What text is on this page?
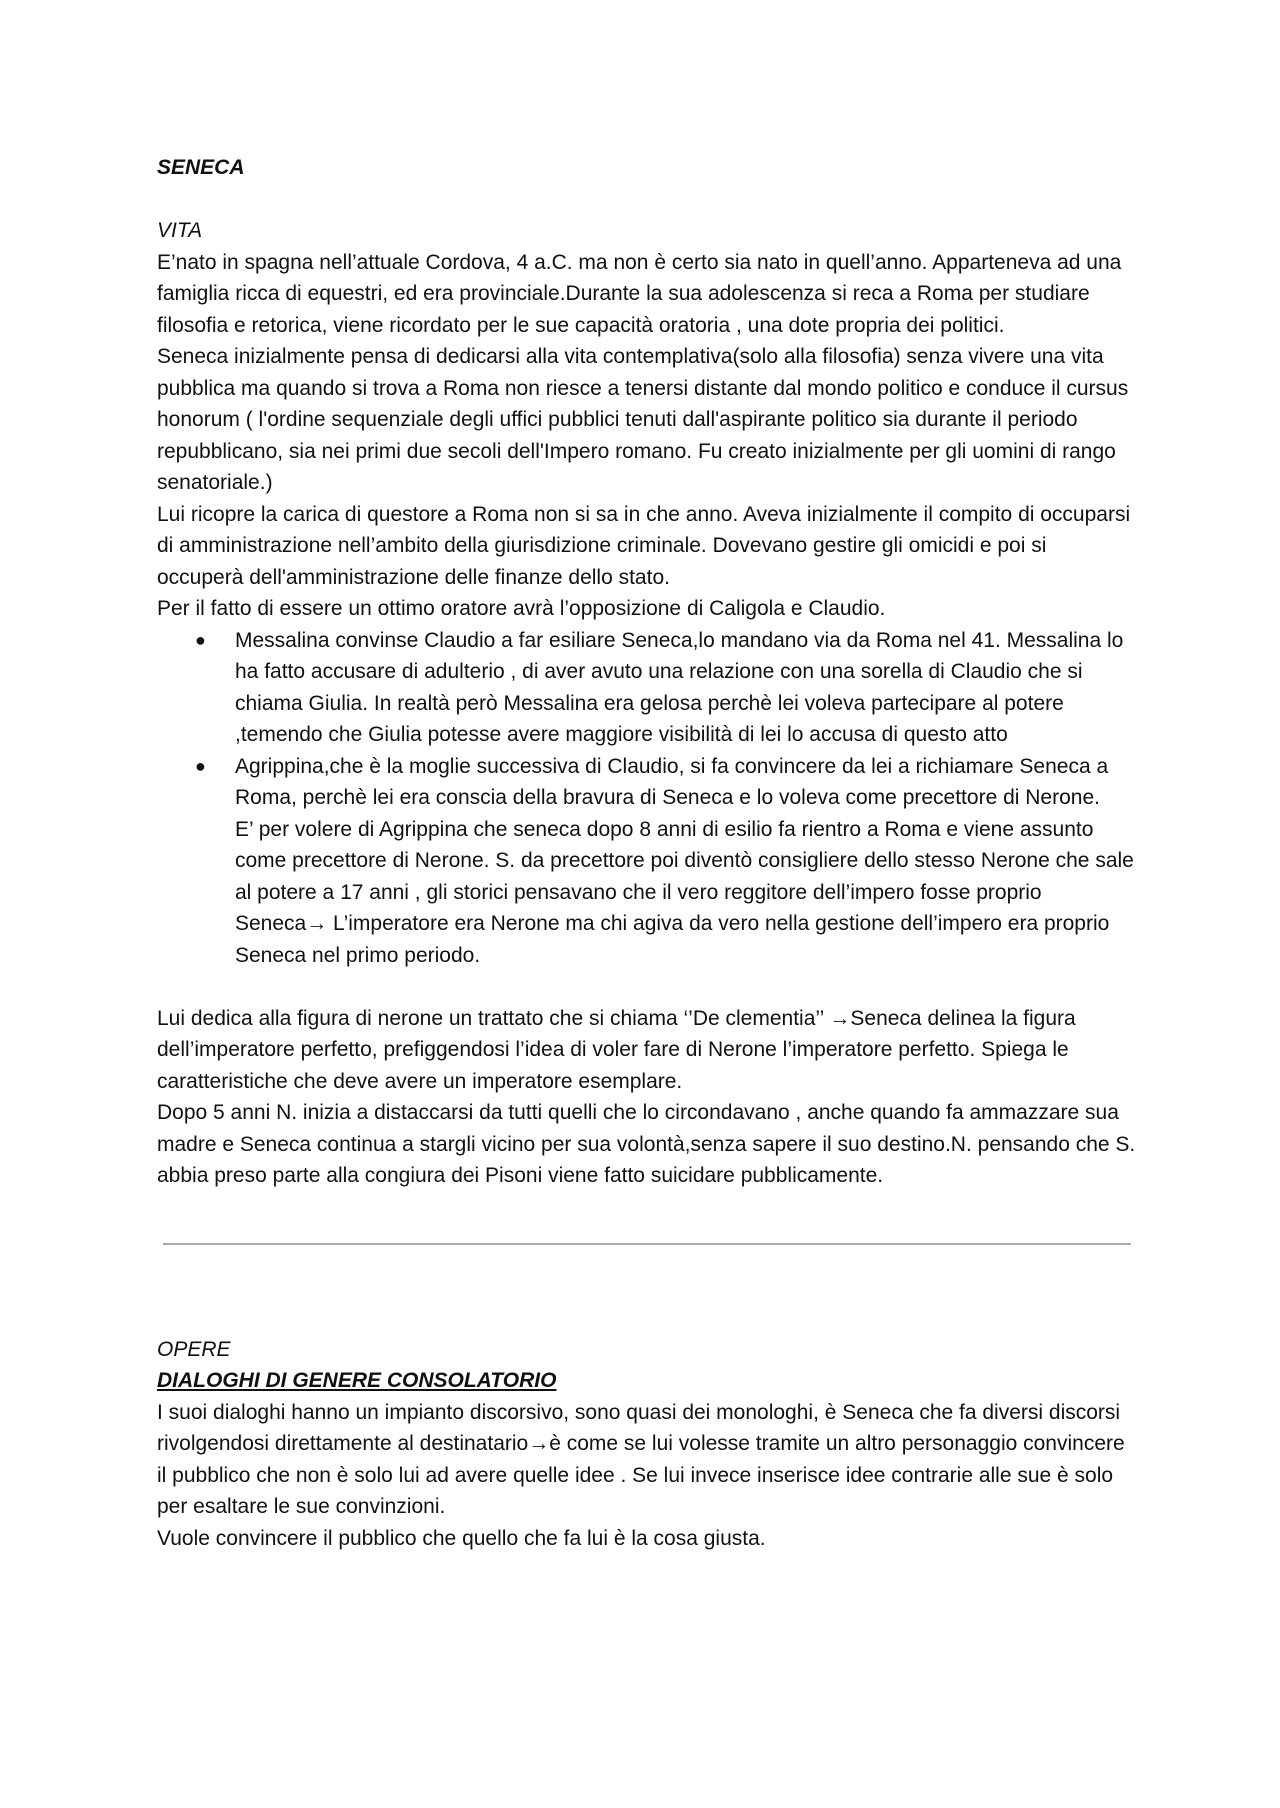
SENECA

VITA

E’nato in spagna nell’attuale Cordova, 4 a.C. ma non è certo sia nato in quell’anno. Appartenevа ad una famiglia ricca di equestri, ed era provinciale.Durante la sua adolescenza si reca a Roma per studiare filosofia e retorica, viene ricordato per le sue capacità oratoria , una dote propria dei politici.

Seneca inizialmente pensa di dedicarsi alla vita contemplativa(solo alla filosofia) senza vivere una vita pubblica ma quando si trova a Roma non riesce a tenersi distante dal mondo politico e conduce il cursus honorum ( l'ordine sequenziale degli uffici pubblici tenuti dall'aspirante politico sia durante il periodo repubblicano, sia nei primi due secoli dell'Impero romano. Fu creato inizialmente per gli uomini di rango senatoriale.)

Lui ricopre la carica di questore a Roma non si sa in che anno. Aveva inizialmente il compito di occuparsi di amministrazione nell’ambito della giurisdizione criminale. Dovevano gestire gli omicidi e poi si occuperà dell'amministrazione delle finanze dello stato.

Per il fatto di essere un ottimo oratore avrà l’opposizione di Caligola e Claudio.

● Messalina convinse Claudio a far esiliare Seneca,lo mandano via da Roma nel 41. Messalina lo ha fatto accusare di adulterio , di aver avuto una relazione con una sorella di Claudio che si chiama Giulia. In realtà però Messalina era gelosa perchè lei voleva partecipare al potere ,temendo che Giulia potesse avere maggiore visibilità di lei lo accusa di questo atto

● Agrippina,che è la moglie successiva di Claudio, si fa convincere da lei a richiamare Seneca a Roma, perchè lei era conscia della bravura di Seneca e lo voleva come precettore di Nerone.

E’ per volere di Agrippina che seneca dopo 8 anni di esilio fa rientro a Roma e viene assunto come precettore di Nerone. S. da precettore poi diventò consigliere dello stesso Nerone che sale al potere a 17 anni , gli storici pensavano che il vero reggitore dell’impero fosse proprio Seneca→ L’imperatore era Nerone ma chi agiva da vero nella gestione dell’impero era proprio Seneca nel primo periodo.

Lui dedica alla figura di nerone un trattato che si chiama ‘’De clementia’’ →Seneca delinea la figura dell’imperatore perfetto, prefiggendosi l’idea di voler fare di Nerone l’imperatore perfetto. Spiega le caratteristiche che deve avere un imperatore esemplare.

Dopo 5 anni N. inizia a distaccarsi da tutti quelli che lo circondavano , anche quando fa ammazzare sua madre e Seneca continua a stargli vicino per sua volontà,senza sapere il suo destino.N. pensando che S. abbia preso parte alla congiura dei Pisoni viene fatto suicidare pubblicamente.

OPERE

DIALOGHI DI GENERE CONSOLATORIO

I suoi dialoghi hanno un impianto discorsivo, sono quasi dei monologhi, è Seneca che fa diversi discorsi rivolgendosi direttamente al destinatario→è come se lui volesse tramite un altro personaggio convincere il pubblico che non è solo lui ad avere quelle idee . Se lui invece inserisce idee contrarie alle sue è solo per esaltare le sue convinzioni.

Vuole convincere il pubblico che quello che fa lui è la cosa giusta.
